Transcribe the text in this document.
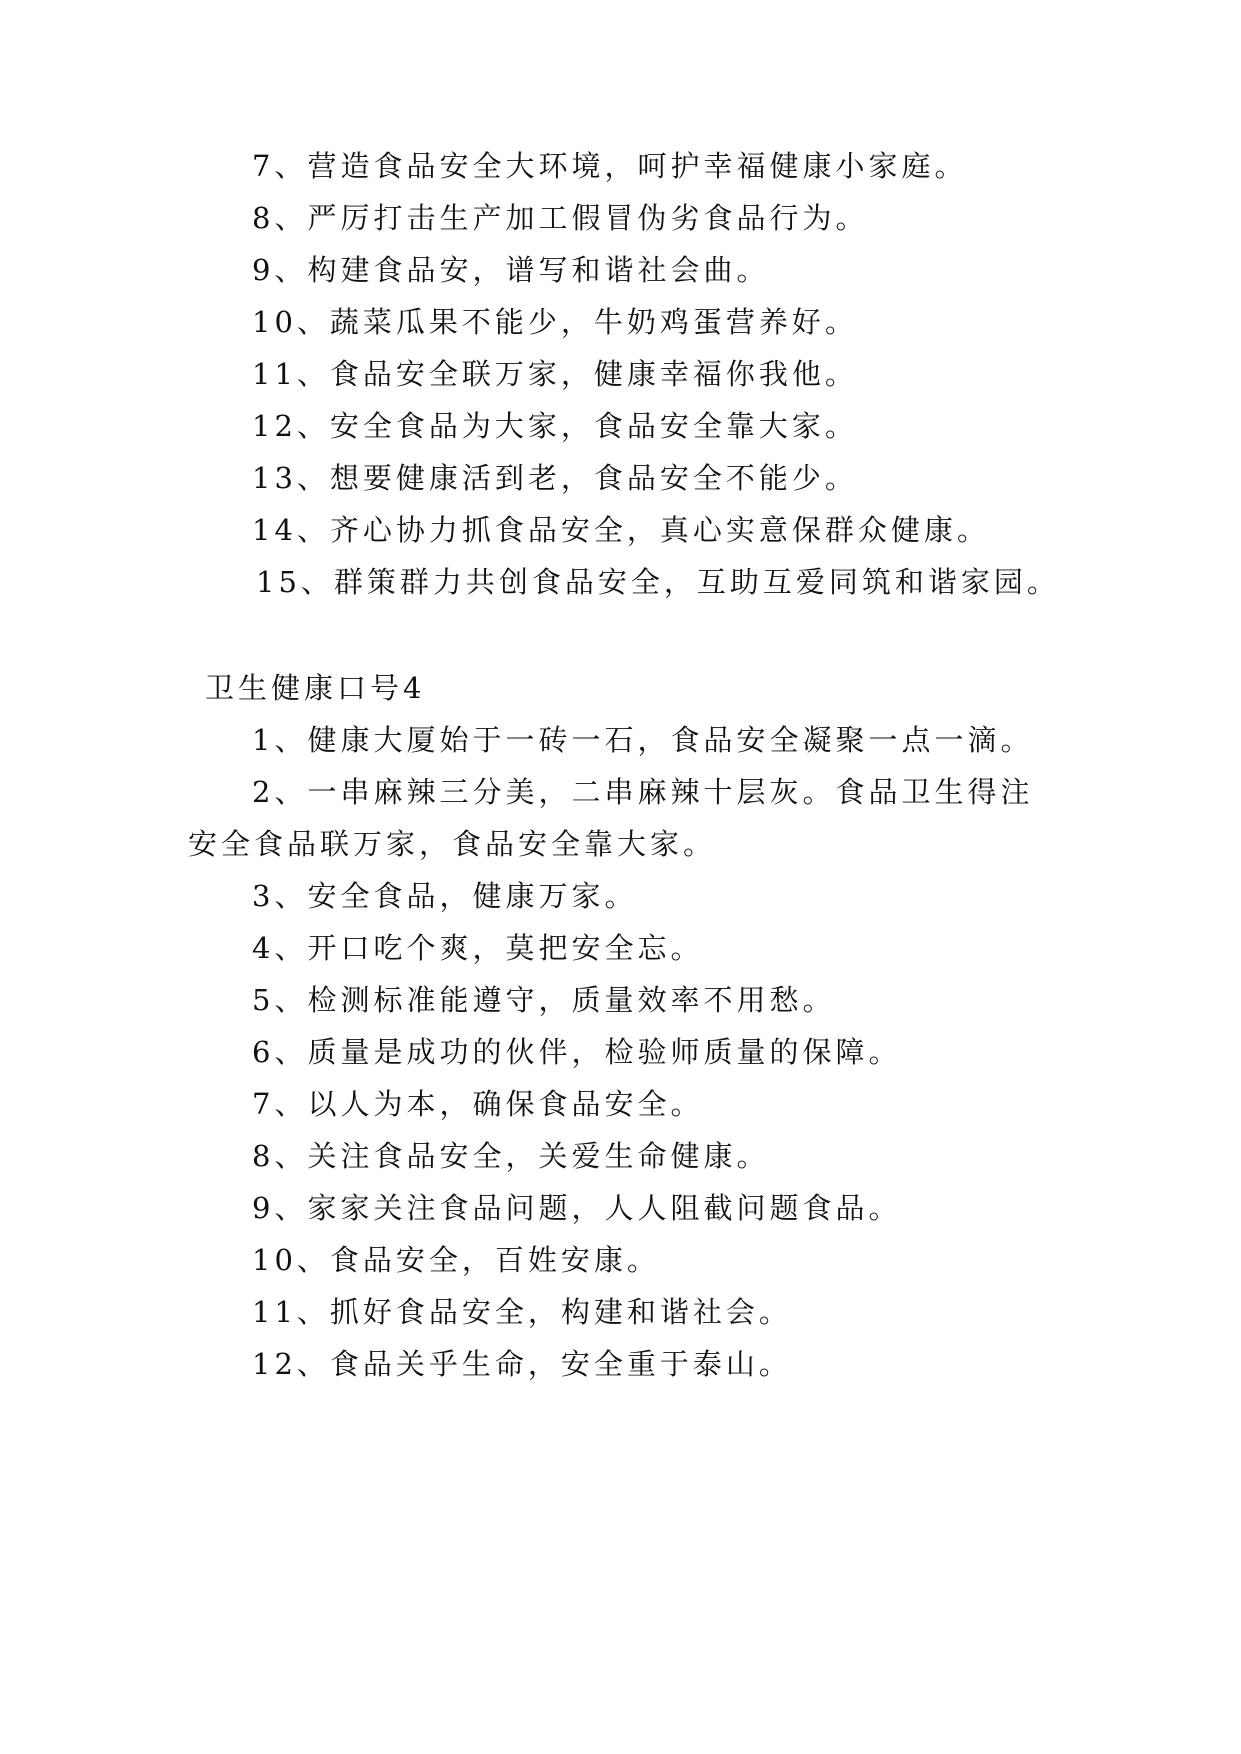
7、营造食品安全大环境，呵护幸福健康小家庭。
8、严厉打击生产加工假冒伪劣食品行为。
9、构建食品安，谱写和谐社会曲。
10、蔬菜瓜果不能少，牛奶鸡蛋营养好。
11、食品安全联万家，健康幸福你我他。
12、安全食品为大家，食品安全靠大家。
13、想要健康活到老，食品安全不能少。
14、齐心协力抓食品安全，真心实意保群众健康。
15、群策群力共创食品安全，互助互爱同筑和谐家园。
卫生健康口号4
1、健康大厦始于一砖一石，食品安全凝聚一点一滴。
2、一串麻辣三分美，二串麻辣十层灰。食品卫生得注
安全食品联万家，食品安全靠大家。
3、安全食品，健康万家。
4、开口吃个爽，莫把安全忘。
5、检测标准能遵守，质量效率不用愁。
6、质量是成功的伙伴，检验师质量的保障。
7、以人为本，确保食品安全。
8、关注食品安全，关爱生命健康。
9、家家关注食品问题，人人阻截问题食品。
10、食品安全，百姓安康。
11、抓好食品安全，构建和谐社会。
12、食品关乎生命，安全重于泰山。
